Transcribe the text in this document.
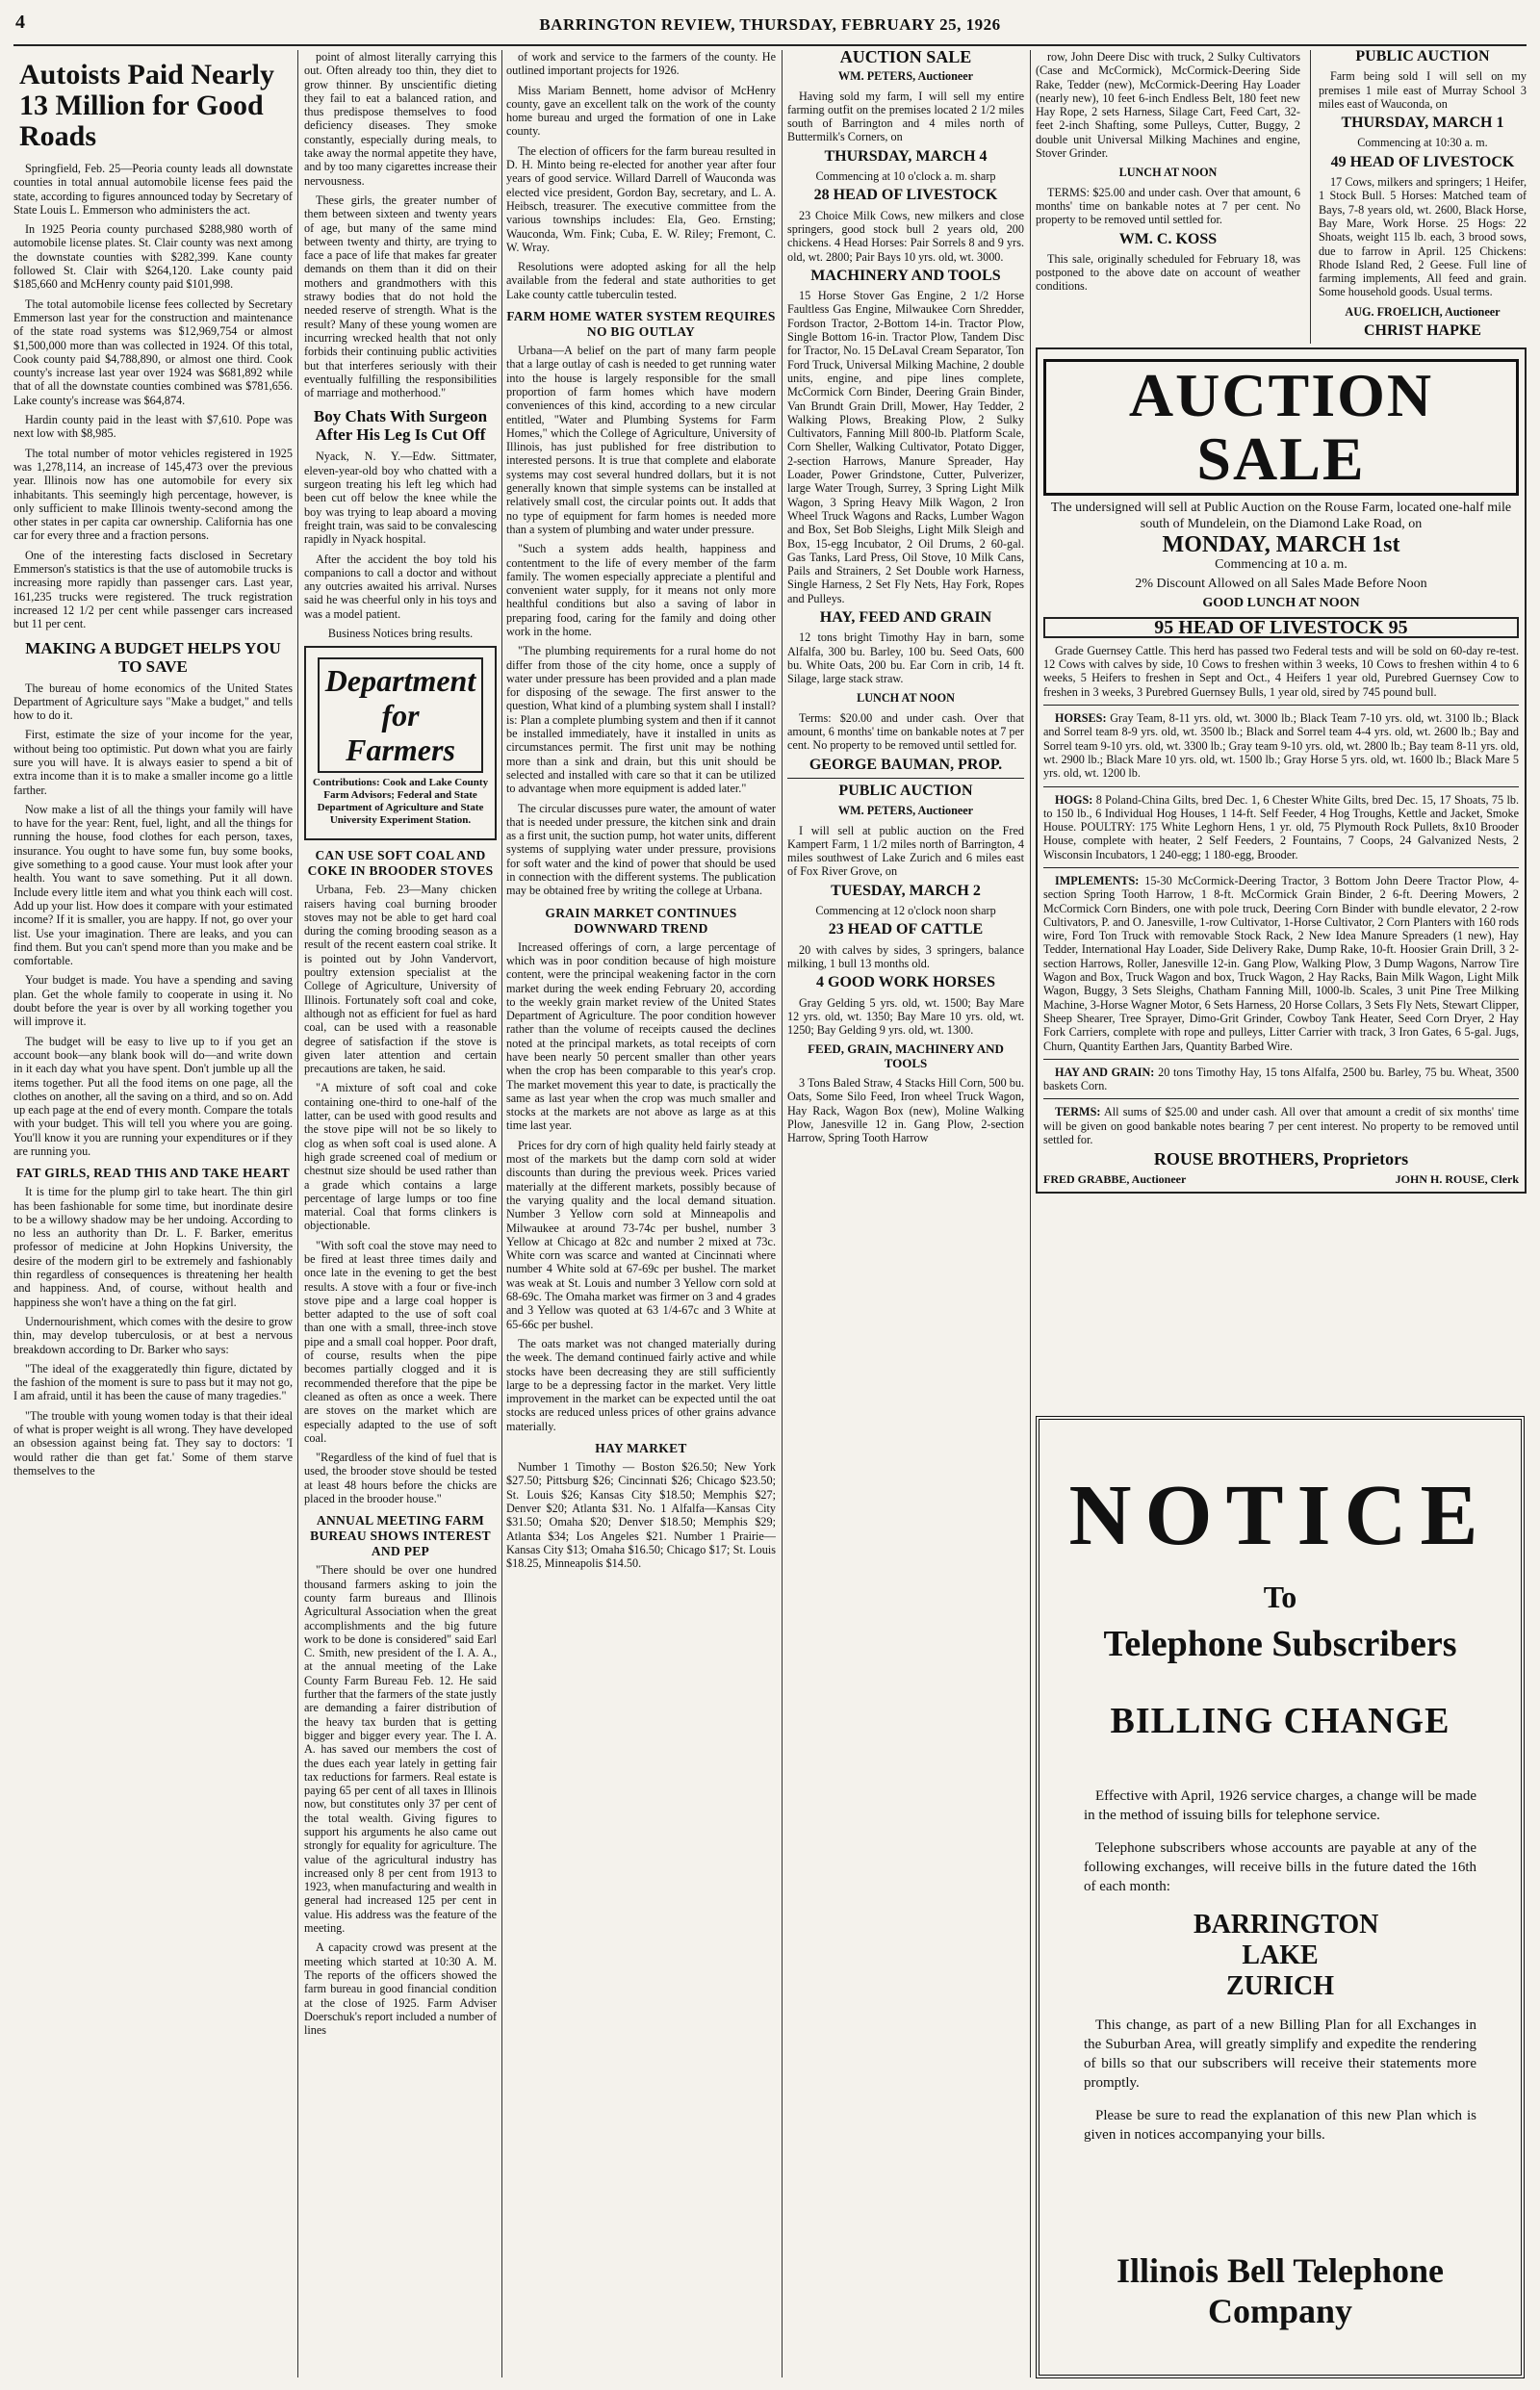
4	BARRINGTON REVIEW, THURSDAY, FEBRUARY 25, 1926
Autoists Paid Nearly 13 Million for Good Roads

Springfield, Feb. 25—Peoria county leads all downstate counties in total annual automobile license fees paid the state, according to figures announced today by Secretary of State Louis L. Emmerson who administers the act.

In 1925 Peoria county purchased $288,980 worth of automobile license plates. St. Clair county was next among the downstate counties with $282,399. Kane county followed St. Clair with $264,120. Lake county paid $185,660 and McHenry county paid $101,998.

The total automobile license fees collected by Secretary Emmerson last year for the construction and maintenance of the state road systems was $12,969,754 or almost $1,500,000 more than was collected in 1924. Of this total, Cook county paid $4,788,890, or almost one third. Cook county's increase last year over 1924 was $681,892 while that of all the downstate counties combined was $781,656. Lake county's increase was $64,874.

Hardin county paid in the least with $7,610. Pope was next low with $8,985.

The total number of motor vehicles registered in 1925 was 1,278,114, an increase of 145,473 over the previous year. Illinois now has one automobile for every six inhabitants. This seemingly high percentage, however, is only sufficient to make Illinois twenty-second among the other states in per capita car ownership. California has one car for every three and a fraction persons.

One of the interesting facts disclosed in Secretary Emmerson's statistics is that the use of automobile trucks is increasing more rapidly than passenger cars. Last year, 161,235 trucks were registered. The truck registration increased 12 1/2 per cent while passenger cars increased but 11 per cent.

MAKING A BUDGET HELPS YOU TO SAVE

The bureau of home economics of the United States Department of Agriculture says "Make a budget," and tells how to do it.

First, estimate the size of your income for the year, without being too optimistic. Put down what you are fairly sure you will have. It is always easier to spend a bit of extra income than it is to make a smaller income go a little farther.

Now make a list of all the things your family will have to have for the year: Rent, fuel, light, and all the things for running the house, food clothes for each person, taxes, insurance. You ought to have some fun, buy some books, give something to a good cause. Your must look after your health. You want to save something. Put it all down. Include every little item and what you think each will cost. Add up your list. How does it compare with your estimated income? If it is smaller, you are happy. If not, go over your list. Use your imagination. There are leaks, and you can find them. But you can't spend more than you make and be comfortable.

Your budget is made. You have a spending and saving plan. Get the whole family to cooperate in using it. No doubt before the year is over by all working together you will improve it.

The budget will be easy to live up to if you get an account book—any blank book will do—and write down in it each day what you have spent. Don't jumble up all the items together. Put all the food items on one page, all the clothes on another, all the saving on a third, and so on. Add up each page at the end of every month. Compare the totals with your budget. This will tell you where you are going. You'll know it you are running your expenditures or if they are running you.

FAT GIRLS, READ THIS AND TAKE HEART

It is time for the plump girl to take heart. The thin girl has been fashionable for some time, but inordinate desire to be a willowy shadow may be her undoing. According to no less an authority than Dr. L. F. Barker, emeritus professor of medicine at John Hopkins University, the desire of the modern girl to be extremely and fashionably thin regardless of consequences is threatening her health and happiness. And, of course, without health and happiness she won't have a thing on the fat girl.

Undernourishment, which comes with the desire to grow thin, may develop tuberculosis, or at best a nervous breakdown according to Dr. Barker who says:

"The ideal of the exaggeratedly thin figure, dictated by the fashion of the moment is sure to pass but it may not go, I am afraid, until it has been the cause of many tragedies."

"The trouble with young women today is that their ideal of what is proper weight is all wrong. They have developed an obsession against being fat. They say to doctors: 'I would rather die than get fat.' Some of them starve themselves to the

point of almost literally carrying this out. Often already too thin, they diet to grow thinner. By unscientific dieting they fail to eat a balanced ration, and thus predispose themselves to food deficiency diseases. They smoke constantly, especially during meals, to take away the normal appetite they have, and by too many cigarettes increase their nervousness.

These girls, the greater number of them between sixteen and twenty years of age, but many of the same mind between twenty and thirty, are trying to face a pace of life that makes far greater demands on them than it did on their mothers and grandmothers with this strawy bodies that do not hold the needed reserve of strength. What is the result? Many of these young women are incurring wrecked health that not only forbids their continuing public activities but that interferes seriously with their eventually fulfilling the responsibilities of marriage and motherhood."

Boy Chats With Surgeon After His Leg Is Cut Off

Nyack, N. Y.—Edw. Sittmater, eleven-year-old boy who chatted with a surgeon treating his left leg which had been cut off below the knee while the boy was trying to leap aboard a moving freight train, was said to be convalescing rapidly in Nyack hospital.

After the accident the boy told his companions to call a doctor and without any outcries awaited his arrival. Nurses said he was cheerful only in his toys and was a model patient.

Business Notices bring results.

Department for Farmers

Contributions: Cook and Lake County Farm Advisors; Federal and State Department of Agriculture and State University Experiment Station.

CAN USE SOFT COAL AND COKE IN BROODER STOVES

Urbana, Feb. 23—Many chicken raisers having coal burning brooder stoves may not be able to get hard coal during the coming brooding season as a result of the recent eastern coal strike. It is pointed out by John Vandervort, poultry extension specialist at the College of Agriculture, University of Illinois. Fortunately soft coal and coke, although not as efficient for fuel as hard coal, can be used with a reasonable degree of satisfaction if the stove is given later attention and certain precautions are taken, he said.

"A mixture of soft coal and coke containing one-third to one-half of the latter, can be used with good results and the stove pipe will not be so likely to clog as when soft coal is used alone. A high grade screened coal of medium or chestnut size should be used rather than a grade which contains a large percentage of large lumps or too fine material. Coal that forms clinkers is objectionable.

"With soft coal the stove may need to be fired at least three times daily and once late in the evening to get the best results. A stove with a four or five-inch stove pipe and a large coal hopper is better adapted to the use of soft coal than one with a small, three-inch stove pipe and a small coal hopper. Poor draft, of course, results when the pipe becomes partially clogged and it is recommended therefore that the pipe be cleaned as often as once a week. There are stoves on the market which are especially adapted to the use of soft coal.

"Regardless of the kind of fuel that is used, the brooder stove should be tested at least 48 hours before the chicks are placed in the brooder house."

ANNUAL MEETING FARM BUREAU SHOWS INTEREST AND PEP

"There should be over one hundred thousand farmers asking to join the county farm bureaus and Illinois Agricultural Association when the great accomplishments and the big future work to be done is considered" said Earl C. Smith, new president of the I. A. A., at the annual meeting of the Lake County Farm Bureau Feb. 12. He said further that the farmers of the state justly are demanding a fairer distribution of the heavy tax burden that is getting bigger and bigger every year. The I. A. A. has saved our members the cost of the dues each year lately in getting fair tax reductions for farmers. Real estate is paying 65 per cent of all taxes in Illinois now, but constitutes only 37 per cent of the total wealth. Giving figures to support his arguments he also came out strongly for equality for agriculture. The value of the agricultural industry has increased only 8 per cent from 1913 to 1923, when manufacturing and wealth in general had increased 125 per cent in value. His address was the feature of the meeting.

A capacity crowd was present at the meeting which started at 10:30 A. M. The reports of the officers showed the farm bureau in good financial condition at the close of 1925. Farm Adviser Doerschuk's report included a number of lines

of work and service to the farmers of the county. He outlined important projects for 1926.

Miss Mariam Bennett, home advisor of McHenry county, gave an excellent talk on the work of the county home bureau and urged the formation of one in Lake county.

The election of officers for the farm bureau resulted in D. H. Minto being re-elected for another year after four years of good service. Willard Darrell of Wauconda was elected vice president, Gordon Bay, secretary, and L. A. Heibsch, treasurer. The executive committee from the various townships includes: Ela, Geo. Ernsting; Wauconda, Wm. Fink; Cuba, E. W. Riley; Fremont, C. W. Wray.

Resolutions were adopted asking for all the help available from the federal and state authorities to get Lake county cattle tuberculin tested.

FARM HOME WATER SYSTEM REQUIRES NO BIG OUTLAY

Urbana—A belief on the part of many farm people that a large outlay of cash is needed to get running water into the house is largely responsible for the small proportion of farm homes which have modern conveniences of this kind, according to a new circular entitled, "Water and Plumbing Systems for Farm Homes," which the College of Agriculture, University of Illinois, has just published for free distribution to interested persons. It is true that complete and elaborate systems may cost several hundred dollars, but it is not generally known that simple systems can be installed at relatively small cost, the circular points out. It adds that no type of equipment for farm homes is needed more than a system of plumbing and water under pressure.

"Such a system adds health, happiness and contentment to the life of every member of the farm family. The women especially appreciate a plentiful and convenient water supply, for it means not only more healthful conditions but also a saving of labor in preparing food, caring for the family and doing other work in the home.

"The plumbing requirements for a rural home do not differ from those of the city home, once a supply of water under pressure has been provided and a plan made for disposing of the sewage. The first answer to the question, What kind of a plumbing system shall I install? is: Plan a complete plumbing system and then if it cannot be installed immediately, have it installed in units as circumstances permit. The first unit may be nothing more than a sink and drain, but this unit should be selected and installed with care so that it can be utilized to advantage when more equipment is added later."

The circular discusses pure water, the amount of water that is needed under pressure, the kitchen sink and drain as a first unit, the suction pump, hot water units, different systems of supplying water under pressure, provisions for soft water and the kind of power that should be used in connection with the different systems. The publication may be obtained free by writing the college at Urbana.

GRAIN MARKET CONTINUES DOWNWARD TREND

Increased offerings of corn, a large percentage of which was in poor condition because of high moisture content, were the principal weakening factor in the corn market during the week ending February 20, according to the weekly grain market review of the United States Department of Agriculture. The poor condition however rather than the volume of receipts caused the declines noted at the principal markets, as total receipts of corn have been nearly 50 percent smaller than other years when the crop has been comparable to this year's crop. The market movement this year to date, is practically the same as last year when the crop was much smaller and stocks at the markets are not above as large as at this time last year.

Prices for dry corn of high quality held fairly steady at most of the markets but the damp corn sold at wider discounts than during the previous week. Prices varied materially at the different markets, possibly because of the varying quality and the local demand situation. Number 3 Yellow corn sold at Minneapolis and Milwaukee at around 73-74c per bushel, number 3 Yellow at Chicago at 82c and number 2 mixed at 73c. White corn was scarce and wanted at Cincinnati where number 4 White sold at 67-69c per bushel. The market was weak at St. Louis and number 3 Yellow corn sold at 68-69c. The Omaha market was firmer on 3 and 4 grades and 3 Yellow was quoted at 63 1/4-67c and 3 White at 65-66c per bushel.

The oats market was not changed materially during the week. The demand continued fairly active and while stocks have been decreasing they are still sufficiently large to be a depressing factor in the market. Very little improvement in the market can be expected until the oat stocks are reduced unless prices of other grains advance materially.

HAY MARKET

Number 1 Timothy — Boston $26.50; New York $27.50; Pittsburg $26; Cincinnati $26; Chicago $23.50; St. Louis $26; Kansas City $18.50; Memphis $27; Denver $20; Atlanta $31. No. 1 Alfalfa—Kansas City $31.50; Omaha $20; Denver $18.50; Memphis $29; Atlanta $34; Los Angeles $21. Number 1 Prairie—Kansas City $13; Omaha $16.50; Chicago $17; St. Louis $18.25, Minneapolis $14.50.

AUCTION SALE

WM. PETERS, Auctioneer

Having sold my farm, I will sell my entire farming outfit on the premises located 2 1/2 miles south of Barrington and 4 miles north of Buttermilk's Corners, on

THURSDAY, MARCH 4

Commencing at 10 o'clock a. m. sharp

28 HEAD OF LIVESTOCK

23 Choice Milk Cows, new milkers and close springers, good stock bull 2 years old, 200 chickens. 4 Head Horses: Pair Sorrels 8 and 9 yrs. old, wt. 2800; Pair Bays 10 yrs. old, wt. 3000.

MACHINERY AND TOOLS

15 Horse Stover Gas Engine, 2 1/2 Horse Faultless Gas Engine, Milwaukee Corn Shredder, Fordson Tractor, 2-Bottom 14-in. Tractor Plow, Single Bottom 16-in. Tractor Plow, Tandem Disc for Tractor, No. 15 DeLaval Cream Separator, Ton Ford Truck, Universal Milking Machine, 2 double units, engine, and pipe lines complete, McCormick Corn Binder, Deering Grain Binder, Van Brundt Grain Drill, Mower, Hay Tedder, 2 Walking Plows, Breaking Plow, 2 Sulky Cultivators, Fanning Mill 800-lb. Platform Scale, Corn Sheller, Walking Cultivator, Potato Digger, 2-section Harrows, Manure Spreader, Hay Loader, Power Grindstone, Cutter, Pulverizer, large Water Trough, Surrey, 3 Spring Light Milk Wagon, 3 Spring Heavy Milk Wagon, 2 Iron Wheel Truck Wagons and Racks, Lumber Wagon and Box, Set Bob Sleighs, Light Milk Sleigh and Box, 15-egg Incubator, 2 Oil Drums, 2 60-gal. Gas Tanks, Lard Press, Oil Stove, 10 Milk Cans, Pails and Strainers, 2 Set Double work Harness, Single Harness, 2 Set Fly Nets, Hay Fork, Ropes and Pulleys.

HAY, FEED AND GRAIN

12 tons bright Timothy Hay in barn, some Alfalfa, 300 bu. Barley, 100 bu. Seed Oats, 600 bu. White Oats, 200 bu. Ear Corn in crib, 14 ft. Silage, large stack straw.

LUNCH AT NOON

Terms: $20.00 and under cash. Over that amount, 6 months' time on bankable notes at 7 per cent. No property to be removed until settled for.

GEORGE BAUMAN, PROP.
PUBLIC AUCTION

WM. PETERS, Auctioneer

I will sell at public auction on the Fred Kampert Farm, 1 1/2 miles north of Barrington, 4 miles southwest of Lake Zurich and 6 miles east of Fox River Grove, on

TUESDAY, MARCH 2

Commencing at 12 o'clock noon sharp

23 HEAD OF CATTLE

20 with calves by sides, 3 springers, balance milking, 1 bull 13 months old.

4 GOOD WORK HORSES

Gray Gelding 5 yrs. old, wt. 1500; Bay Mare 12 yrs. old, wt. 1350; Bay Mare 10 yrs. old, wt. 1250; Bay Gelding 9 yrs. old, wt. 1300.

FEED, GRAIN, MACHINERY AND TOOLS

3 Tons Baled Straw, 4 Stacks Hill Corn, 500 bu. Oats, Some Silo Feed, Iron wheel Truck Wagon, Hay Rack, Wagon Box (new), Moline Walking Plow, Janesville 12 in. Gang Plow, 2-section Harrow, Spring Tooth Harrow

row, John Deere Disc with truck, 2 Sulky Cultivators (Case and McCormick), McCormick-Deering Side Rake, Tedder (new), McCormick-Deering Hay Loader (nearly new), 10 feet 6-inch Endless Belt, 180 feet new Hay Rope, 2 sets Harness, Silage Cart, Feed Cart, 32-feet 2-inch Shafting, some Pulleys, Cutter, Buggy, 2 double unit Universal Milking Machines and engine, Stover Grinder.

LUNCH AT NOON

TERMS: $25.00 and under cash. Over that amount, 6 months' time on bankable notes at 7 per cent. No property to be removed until settled for.

WM. C. KOSS

This sale, originally scheduled for February 18, was postponed to the above date on account of weather conditions.

PUBLIC AUCTION

Farm being sold I will sell on my premises 1 mile east of Murray School 3 miles east of Wauconda, on

THURSDAY, MARCH 1

Commencing at 10:30 a. m.

49 HEAD OF LIVESTOCK

17 Cows, milkers and springers; 1 Heifer, 1 Stock Bull. 5 Horses: Matched team of Bays, 7-8 years old, wt. 2600, Black Horse, Bay Mare, Work Horse. 25 Hogs: 22 Shoats, weight 115 lb. each, 3 brood sows, due to farrow in April. 125 Chickens: Rhode Island Red, 2 Geese. Full line of farming implements, All feed and grain. Some household goods. Usual terms.

AUG. FROELICH, Auctioneer

CHRIST HAPKE
AUCTION SALE

The undersigned will sell at Public Auction on the Rouse Farm, located one-half mile south of Mundelein, on the Diamond Lake Road, on

MONDAY, MARCH 1st

Commencing at 10 a. m.

2% Discount Allowed on all Sales Made Before Noon

GOOD LUNCH AT NOON

95 HEAD OF LIVESTOCK 95

Grade Guernsey Cattle. This herd has passed two Federal tests and will be sold on 60-day re-test. 12 Cows with calves by side, 10 Cows to freshen within 3 weeks, 10 Cows to freshen within 4 to 6 weeks, 5 Heifers to freshen in Sept and Oct., 4 Heifers 1 year old, Purebred Guernsey Cow to freshen in 3 weeks, 3 Purebred Guernsey Bulls, 1 year old, sired by 745 pound bull.

HORSES: Gray Team, 8-11 yrs. old, wt. 3000 lb.; Black Team 7-10 yrs. old, wt. 3100 lb.; Black and Sorrel team 8-9 yrs. old, wt. 3500 lb.; Black and Sorrel team 4-4 yrs. old, wt. 2600 lb.; Bay and Sorrel team 9-10 yrs. old, wt. 3300 lb.; Gray team 9-10 yrs. old, wt. 2800 lb.; Bay team 8-11 yrs. old, wt. 2900 lb.; Black Mare 10 yrs. old, wt. 1500 lb.; Gray Horse 5 yrs. old, wt. 1600 lb.; Black Mare 5 yrs. old, wt. 1200 lb.

HOGS: 8 Poland-China Gilts, bred Dec. 1, 6 Chester White Gilts, bred Dec. 15, 17 Shoats, 75 lb. to 150 lb., 6 Individual Hog Houses, 1 14-ft. Self Feeder, 4 Hog Troughs, Kettle and Jacket, Smoke House. POULTRY: 175 White Leghorn Hens, 1 yr. old, 75 Plymouth Rock Pullets, 8x10 Brooder House, complete with heater, 2 Self Feeders, 2 Fountains, 7 Coops, 24 Galvanized Nests, 2 Wisconsin Incubators, 1 240-egg; 1 180-egg, Brooder.

IMPLEMENTS: 15-30 McCormick-Deering Tractor, 3 Bottom John Deere Tractor Plow, 4-section Spring Tooth Harrow, 1 8-ft. McCormick Grain Binder, 2 6-ft. Deering Mowers, 2 McCormick Corn Binders, one with pole truck, Deering Corn Binder with bundle elevator, 2 2-row Cultivators, P. and O. Janesville, 1-row Cultivator, 1-Horse Cultivator, 2 Corn Planters with 160 rods wire, Ford Ton Truck with removable Stock Rack, 2 New Idea Manure Spreaders (1 new), Hay Tedder, International Hay Loader, Side Delivery Rake, Dump Rake, 10-ft. Hoosier Grain Drill, 3 2-section Harrows, Roller, Janesville 12-in. Gang Plow, Walking Plow, 3 Dump Wagons, Narrow Tire Wagon and Box, Truck Wagon and box, Truck Wagon, 2 Hay Racks, Bain Milk Wagon, Light Milk Wagon, Buggy, 3 Sets Sleighs, Chatham Fanning Mill, 1000-lb. Scales, 3 unit Pine Tree Milking Machine, 3-Horse Wagner Motor, 6 Sets Harness, 20 Horse Collars, 3 Sets Fly Nets, Stewart Clipper, Sheep Shearer, Tree Sprayer, Dimo-Grit Grinder, Cowboy Tank Heater, Seed Corn Dryer, 2 Hay Fork Carriers, complete with rope and pulleys, Litter Carrier with track, 3 Iron Gates, 6 5-gal. Jugs, Churn, Quantity Earthen Jars, Quantity Barbed Wire.

HAY AND GRAIN: 20 tons Timothy Hay, 15 tons Alfalfa, 2500 bu. Barley, 75 bu. Wheat, 3500 baskets Corn.

TERMS: All sums of $25.00 and under cash. All over that amount a credit of six months' time will be given on good bankable notes bearing 7 per cent interest. No property to be removed until settled for.

ROUSE BROTHERS, Proprietors
FRED GRABBE, Auctioneer	JOHN H. ROUSE, Clerk
NOTICE
To
Telephone Subscribers
BILLING CHANGE

Effective with April, 1926 service charges, a change will be made in the method of issuing bills for telephone service.

Telephone subscribers whose accounts are payable at any of the following exchanges, will receive bills in the future dated the 16th of each month:

BARRINGTON LAKE ZURICH

This change, as part of a new Billing Plan for all Exchanges in the Suburban Area, will greatly simplify and expedite the rendering of bills so that our subscribers will receive their statements more promptly.

Please be sure to read the explanation of this new Plan which is given in notices accompanying your bills.

Illinois Bell Telephone Company
